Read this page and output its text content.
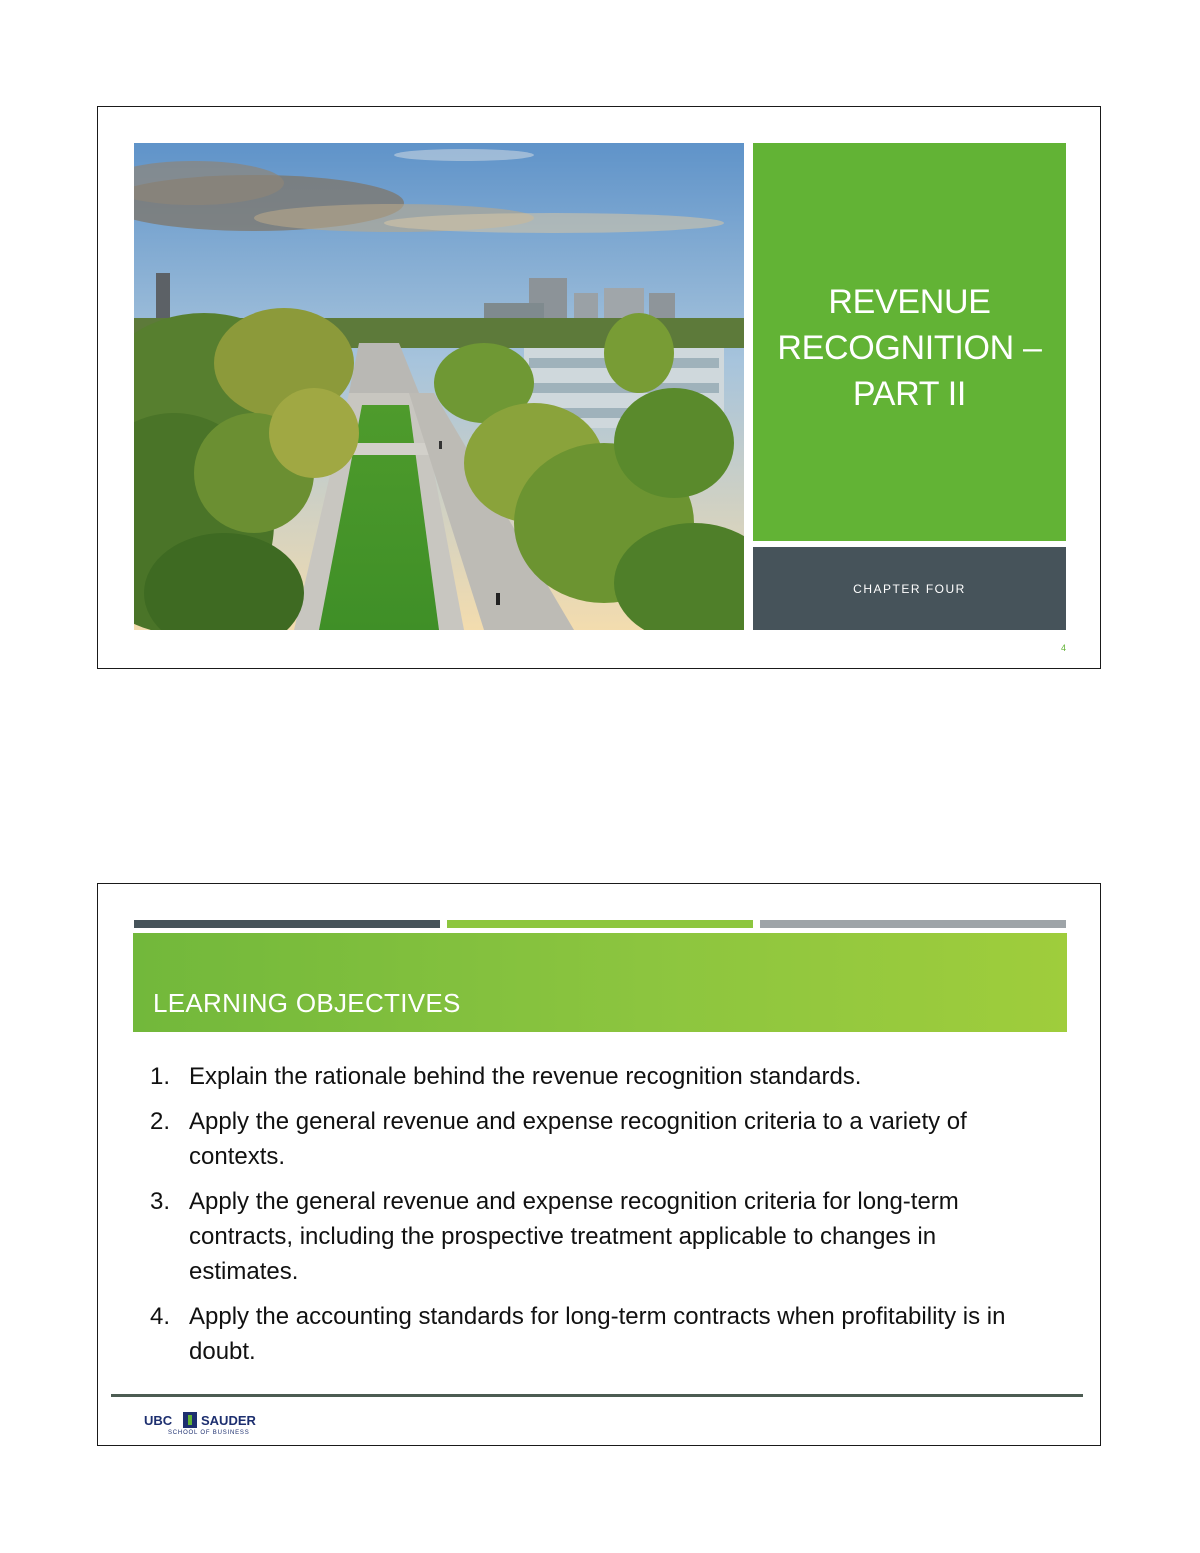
REVENUE
RECOGNITION –
PART II
CHAPTER FOUR
4
LEARNING OBJECTIVES
1. Explain the rationale behind the revenue recognition standards.
2. Apply the general revenue and expense recognition criteria to a variety of contexts.
3. Apply the general revenue and expense recognition criteria for long-term contracts, including the prospective treatment applicable to changes in estimates.
4. Apply the accounting standards for long-term contracts when profitability is in doubt.
UBC SAUDER
SCHOOL OF BUSINESS
